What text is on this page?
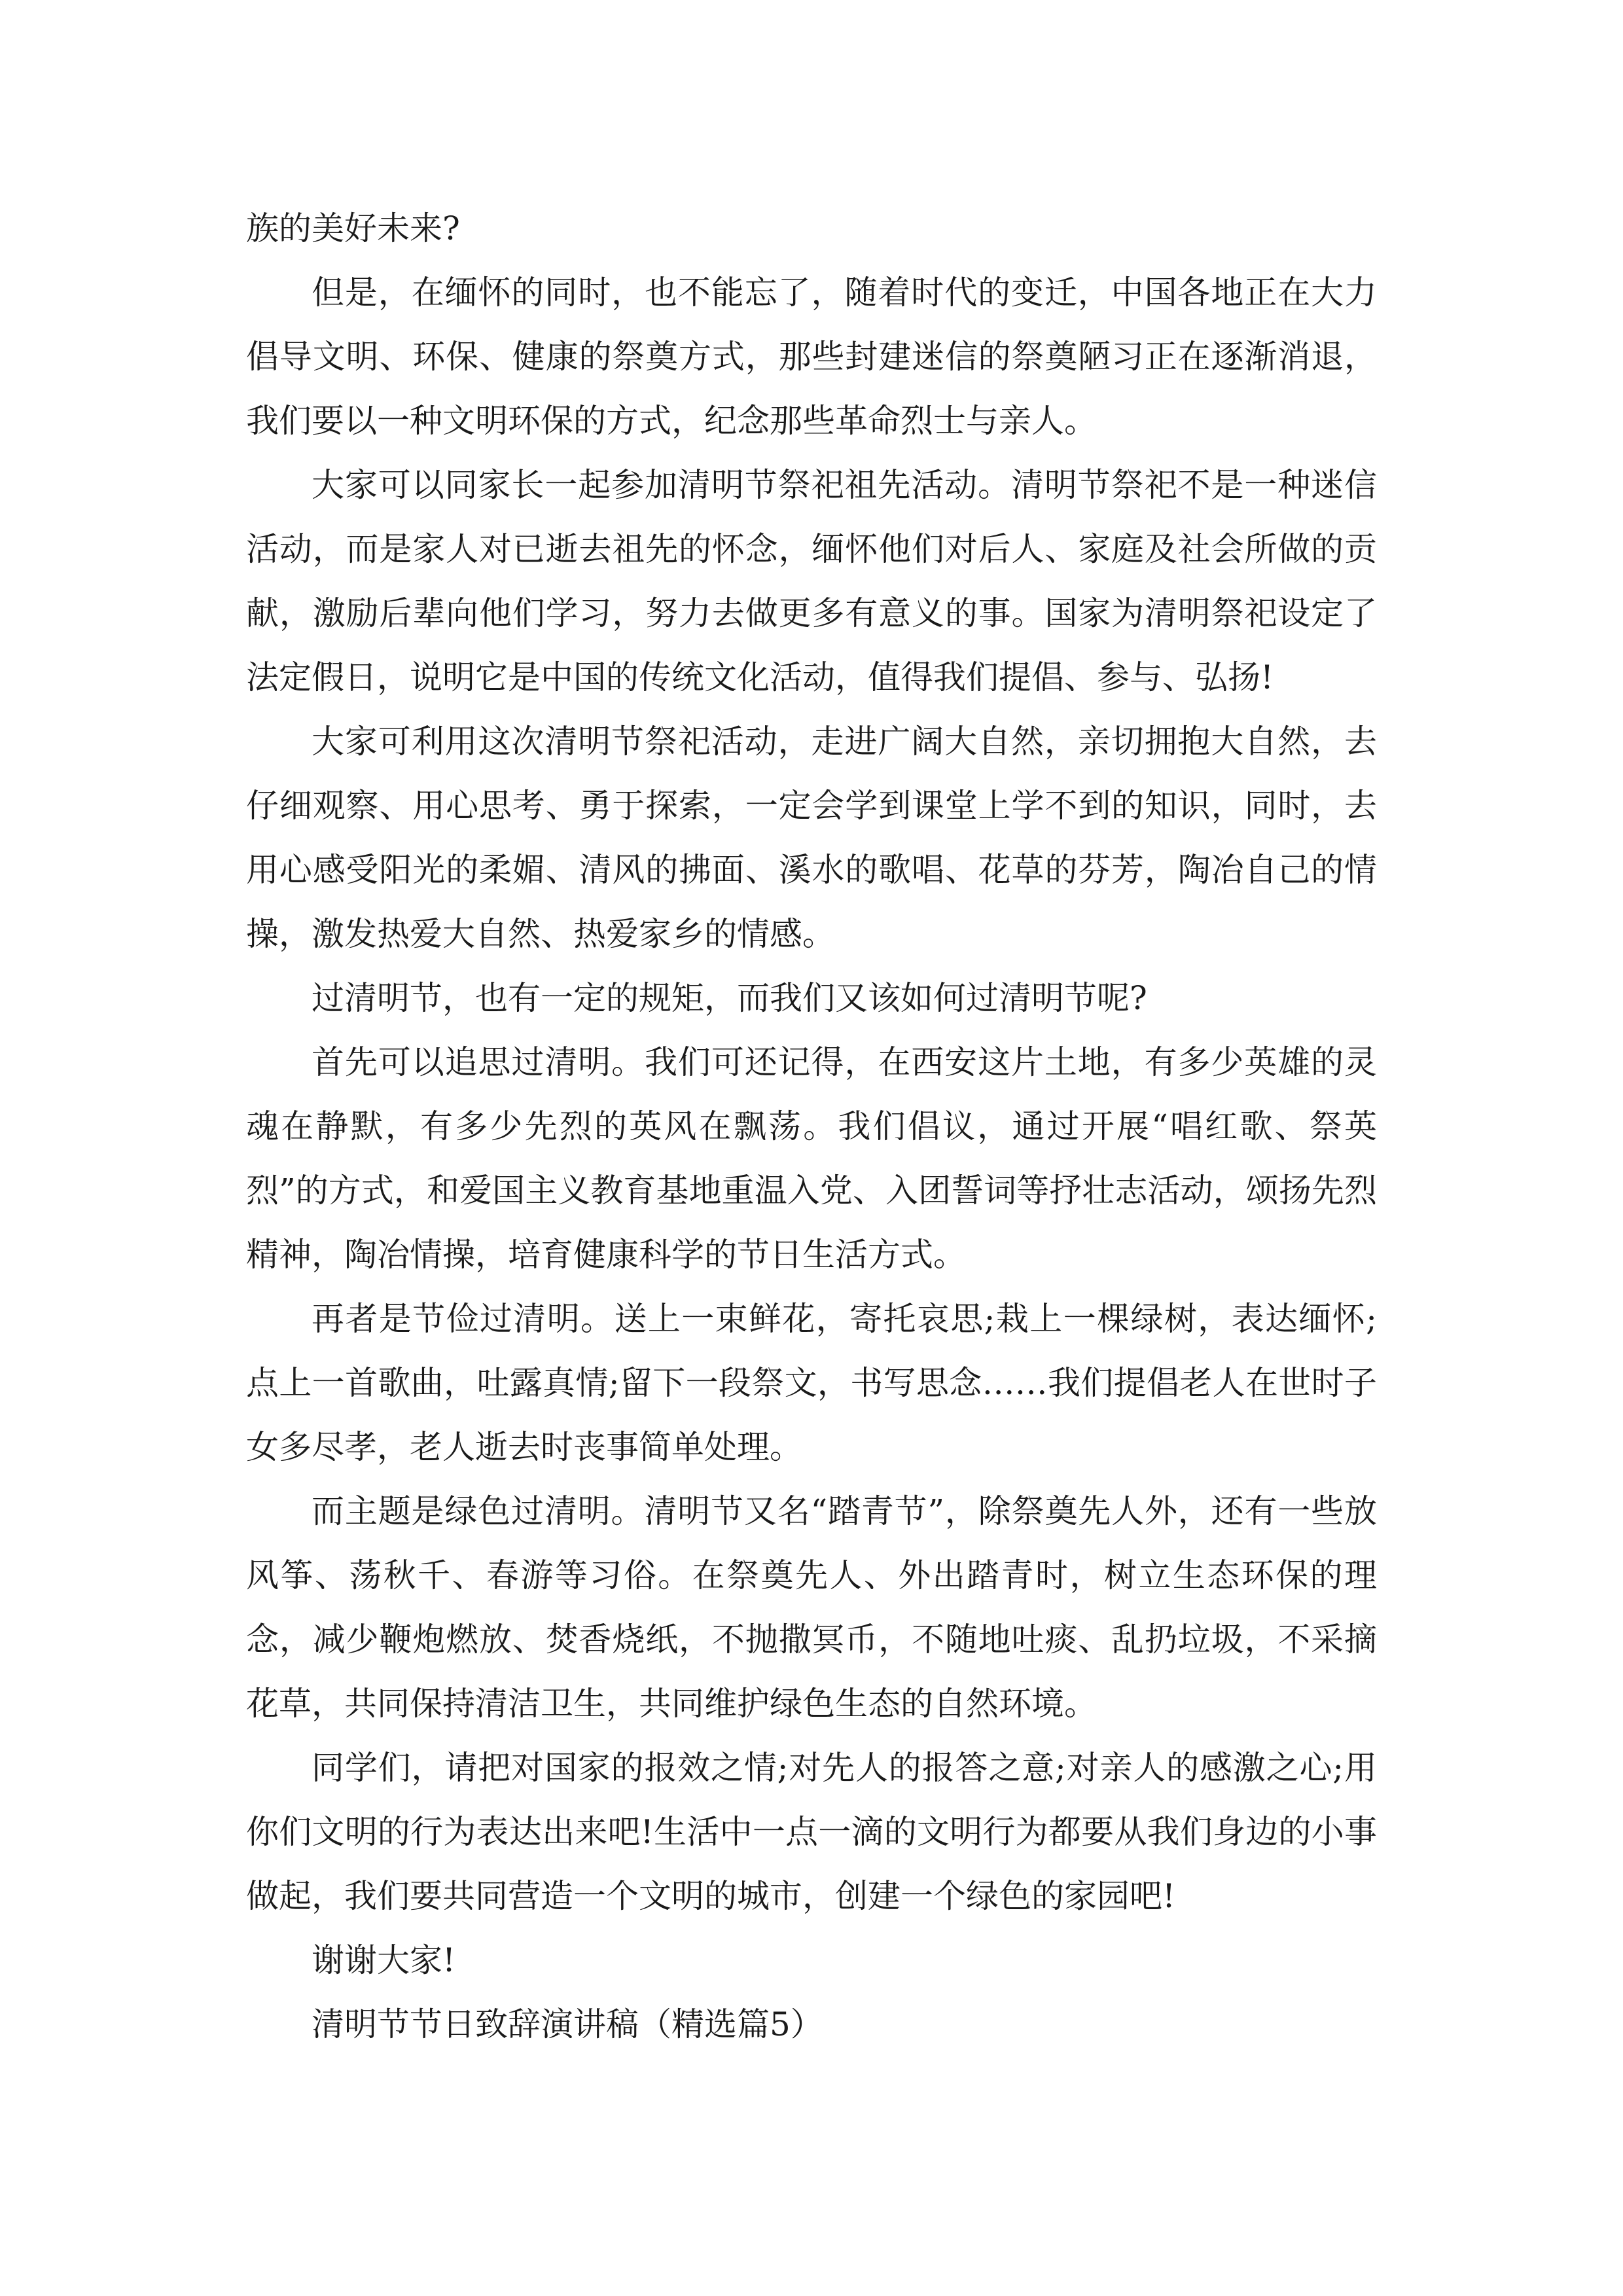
族的美好未来?

但是，在缅怀的同时，也不能忘了，随着时代的变迁，中国各地正在大力倡导文明、环保、健康的祭奠方式，那些封建迷信的祭奠陋习正在逐渐消退，我们要以一种文明环保的方式，纪念那些革命烈士与亲人。

大家可以同家长一起参加清明节祭祀祖先活动。清明节祭祀不是一种迷信活动，而是家人对已逝去祖先的怀念，缅怀他们对后人、家庭及社会所做的贡献，激励后辈向他们学习，努力去做更多有意义的事。国家为清明祭祀设定了法定假日，说明它是中国的传统文化活动，值得我们提倡、参与、弘扬!

大家可利用这次清明节祭祀活动，走进广阔大自然，亲切拥抱大自然，去仔细观察、用心思考、勇于探索，一定会学到课堂上学不到的知识，同时，去用心感受阳光的柔媚、清风的拂面、溪水的歌唱、花草的芬芳，陶冶自己的情操，激发热爱大自然、热爱家乡的情感。

过清明节，也有一定的规矩，而我们又该如何过清明节呢?

首先可以追思过清明。我们可还记得，在西安这片土地，有多少英雄的灵魂在静默，有多少先烈的英风在飘荡。我们倡议，通过开展“唱红歌、祭英烈”的方式，和爱国主义教育基地重温入党、入团誓词等抒壮志活动，颂扬先烈精神，陶冶情操，培育健康科学的节日生活方式。

再者是节俭过清明。送上一束鲜花，寄托哀思;栽上一棵绿树，表达缅怀;点上一首歌曲，吐露真情;留下一段祭文，书写思念……我们提倡老人在世时子女多尽孝，老人逝去时丧事简单处理。

而主题是绿色过清明。清明节又名“踏青节”，除祭奠先人外，还有一些放风筝、荡秋千、春游等习俗。在祭奠先人、外出踏青时，树立生态环保的理念，减少鞭炮燃放、焚香烧纸，不抛撒冥币，不随地吐痰、乱扔垃圾，不采摘花草，共同保持清洁卫生，共同维护绿色生态的自然环境。

同学们，请把对国家的报效之情;对先人的报答之意;对亲人的感激之心;用你们文明的行为表达出来吧!生活中一点一滴的文明行为都要从我们身边的小事做起，我们要共同营造一个文明的城市，创建一个绿色的家园吧!

谢谢大家!

清明节节日致辞演讲稿（精选篇5）
